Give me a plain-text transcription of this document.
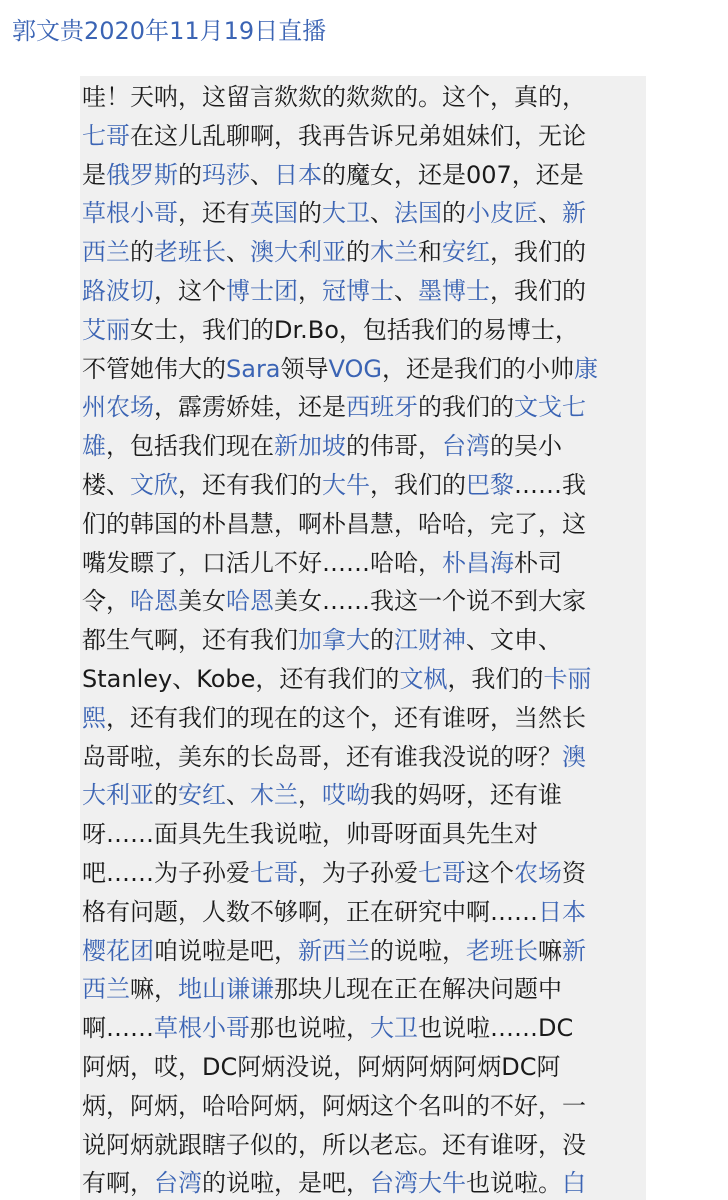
郭文贵2020年11月19日直播
哇！天呐，这留言欻欻的欻欻的。这个，真的，
七哥在这儿乱聊啊，我再告诉兄弟姐妹们，无论
是俄罗斯的玛莎、日本的魔女，还是007，还是
草根小哥，还有英国的大卫、法国的小皮匠、新
西兰的老班长、澳大利亚的木兰和安红，我们的
路波切，这个博士团，冠博士、墨博士，我们的
艾丽女士，我们的Dr.Bo，包括我们的易博士，
不管她伟大的Sara领导VOG，还是我们的小帅康
州农场，霹雳娇娃，还是西班牙的我们的文戈七
雄，包括我们现在新加坡的伟哥，台湾的吴小
楼、文欣，还有我们的大牛，我们的巴黎……我
们的韩国的朴昌慧，啊朴昌慧，哈哈，完了，这
嘴发瞟了，口活儿不好……哈哈，朴昌海朴司
令，哈恩美女哈恩美女……我这一个说不到大家
都生气啊，还有我们加拿大的江财神、文申、
Stanley、Kobe，还有我们的文枫，我们的卡丽
熙，还有我们的现在的这个，还有谁呀，当然长
岛哥啦，美东的长岛哥，还有谁我没说的呀？澳
大利亚的安红、木兰，哎呦我的妈呀，还有谁
呀……面具先生我说啦，帅哥呀面具先生对
吧……为子孙爱七哥，为子孙爱七哥这个农场资
格有问题，人数不够啊，正在研究中啊……日本
樱花团咱说啦是吧，新西兰的说啦，老班长嘛新
西兰嘛，地山谦谦那块儿现在正在解决问题中
啊……草根小哥那也说啦，大卫也说啦……DC
阿炳，哎，DC阿炳没说，阿炳阿炳阿炳DC阿
炳，阿炳，哈哈阿炳，阿炳这个名叫的不好，一
说阿炳就跟瞎子似的，所以老忘。还有谁呀，没
有啊，台湾的说啦，是吧，台湾大牛也说啦。白
